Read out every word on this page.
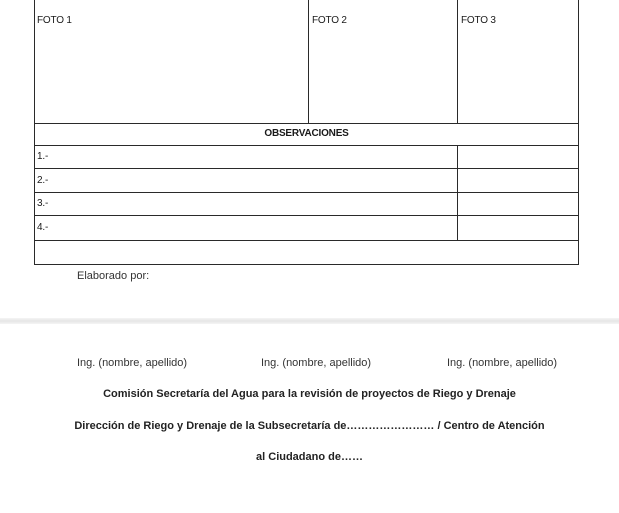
FOTO 1	FOTO 2	FOTO 3
OBSERVACIONES
1.-
2.-
3.-
4.-
Elaborado por:
Ing. (nombre, apellido)	Ing. (nombre, apellido)	Ing. (nombre, apellido)
Comisión Secretaría del Agua para la revisión de proyectos de Riego y Drenaje
Dirección de Riego y Drenaje de la Subsecretaría de…………………… / Centro de Atención
al Ciudadano de……
